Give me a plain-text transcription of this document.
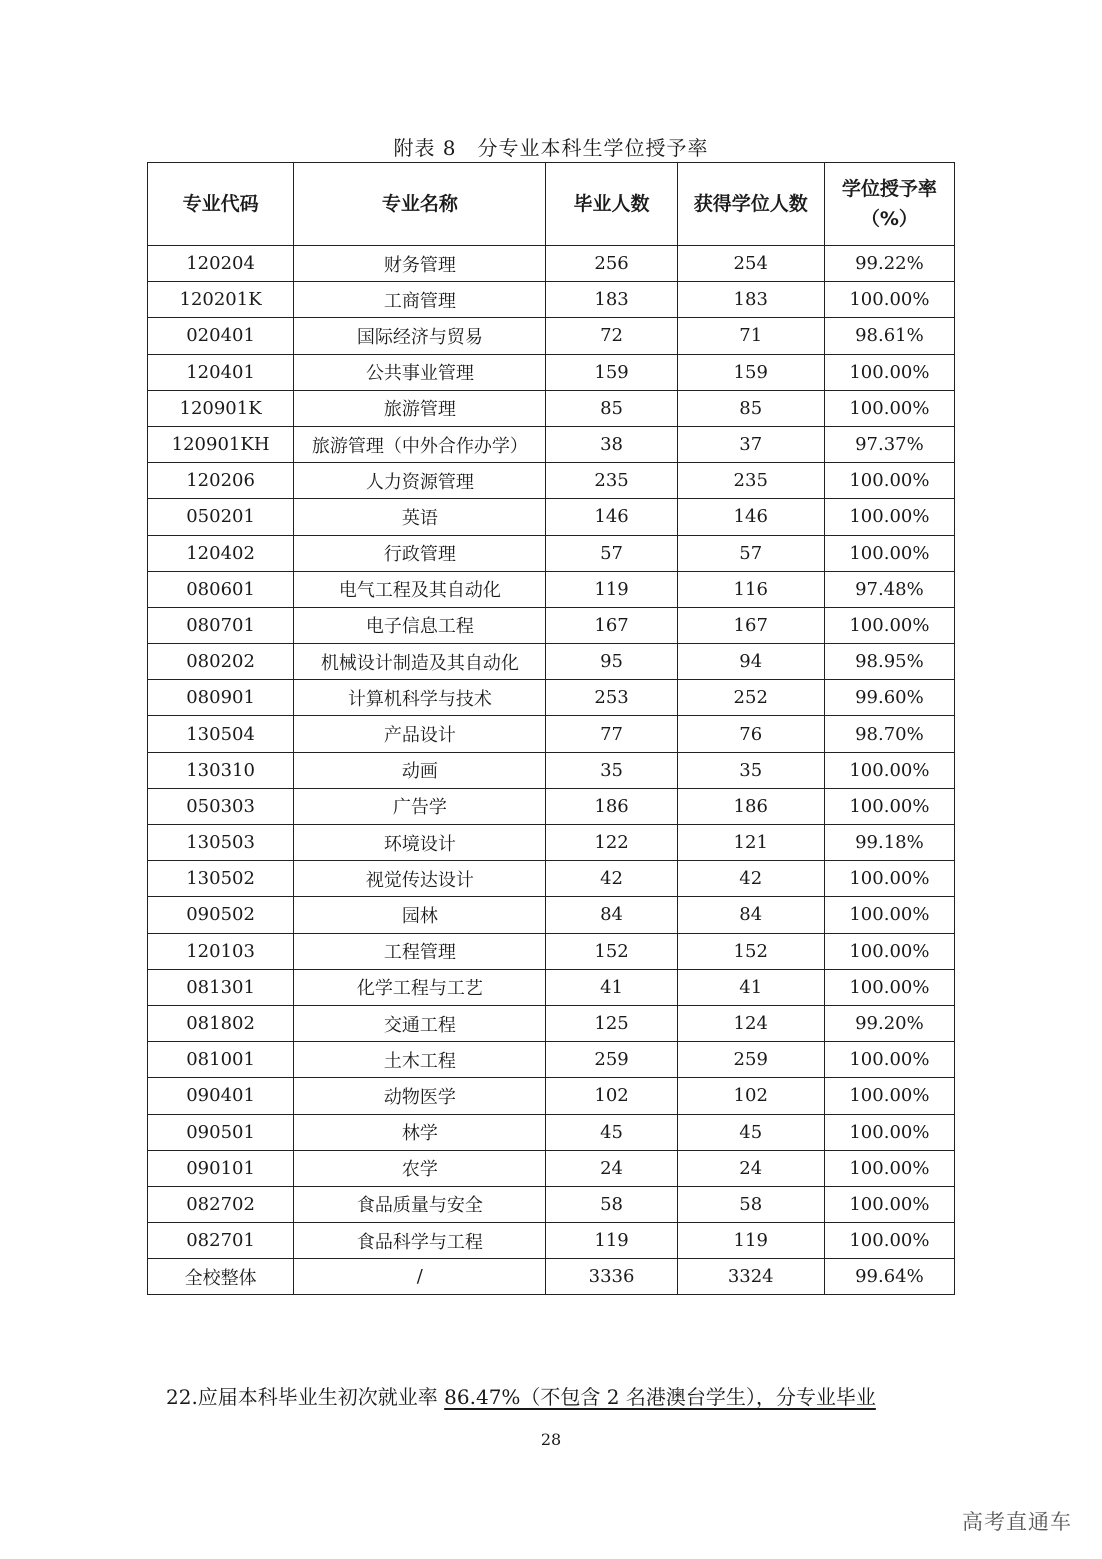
附表 8　分专业本科生学位授予率
专业代码	专业名称	毕业人数	获得学位人数	学位授予率
（%）
120204	财务管理	256	254	99.22%
120201K	工商管理	183	183	100.00%
020401	国际经济与贸易	72	71	98.61%
120401	公共事业管理	159	159	100.00%
120901K	旅游管理	85	85	100.00%
120901KH	旅游管理（中外合作办学）	38	37	97.37%
120206	人力资源管理	235	235	100.00%
050201	英语	146	146	100.00%
120402	行政管理	57	57	100.00%
080601	电气工程及其自动化	119	116	97.48%
080701	电子信息工程	167	167	100.00%
080202	机械设计制造及其自动化	95	94	98.95%
080901	计算机科学与技术	253	252	99.60%
130504	产品设计	77	76	98.70%
130310	动画	35	35	100.00%
050303	广告学	186	186	100.00%
130503	环境设计	122	121	99.18%
130502	视觉传达设计	42	42	100.00%
090502	园林	84	84	100.00%
120103	工程管理	152	152	100.00%
081301	化学工程与工艺	41	41	100.00%
081802	交通工程	125	124	99.20%
081001	土木工程	259	259	100.00%
090401	动物医学	102	102	100.00%
090501	林学	45	45	100.00%
090101	农学	24	24	100.00%
082702	食品质量与安全	58	58	100.00%
082701	食品科学与工程	119	119	100.00%
全校整体	/	3336	3324	99.64%
22.应届本科毕业生初次就业率 86.47%（不包含 2 名港澳台学生），分专业毕业
28
高考直通车
